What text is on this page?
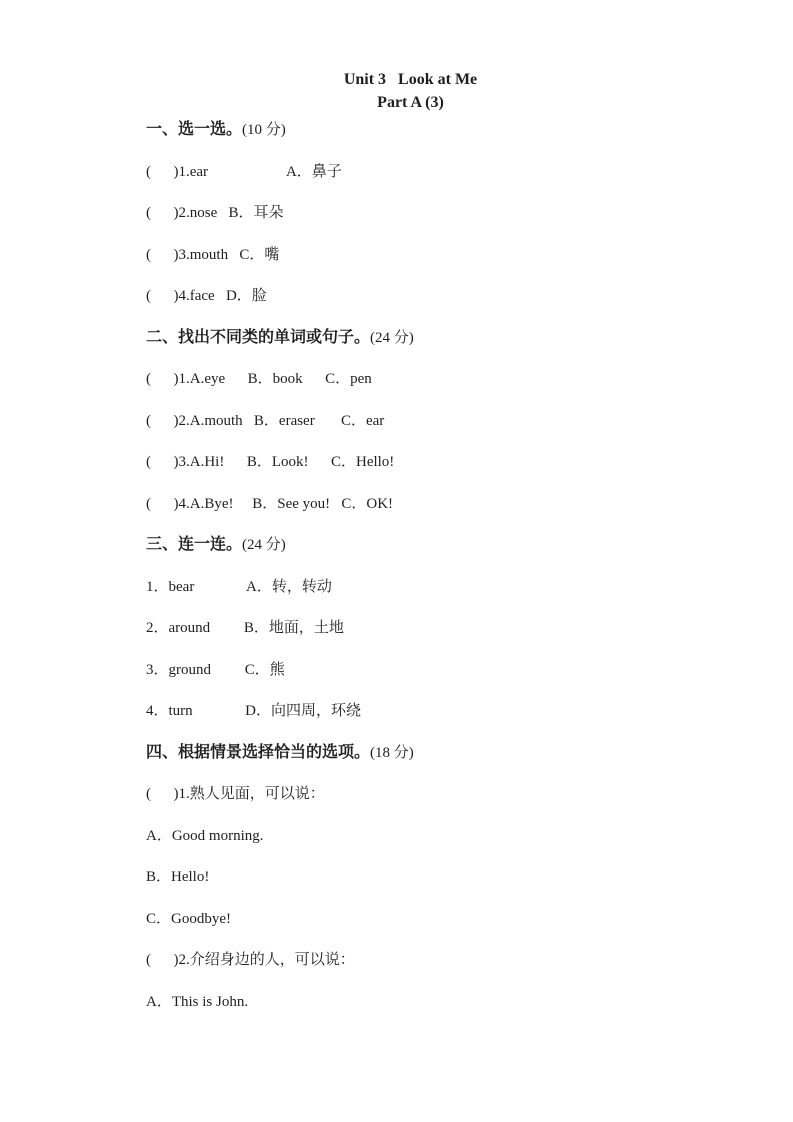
Unit 3   Look at Me
Part A (3)
一、选一选。(10 分)
(      )1.ear                     A．鼻子
(      )2.nose   B．耳朵
(      )3.mouth   C．嘴
(      )4.face   D．脸
二、找出不同类的单词或句子。(24 分)
(      )1.A.eye      B．book      C．pen
(      )2.A.mouth   B．eraser       C．ear
(      )3.A.Hi!      B．Look!      C．Hello!
(      )4.A.Bye!     B．See you!   C．OK!
三、连一连。(24 分)
1．bear              A．转，转动
2．around         B．地面，土地
3．ground         C．熊
4．turn              D．向四周，环绕
四、根据情景选择恰当的选项。(18 分)
(      )1.熟人见面，可以说：
A．Good morning.
B．Hello!
C．Goodbye!
(      )2.介绍身边的人，可以说：
A．This is John.
